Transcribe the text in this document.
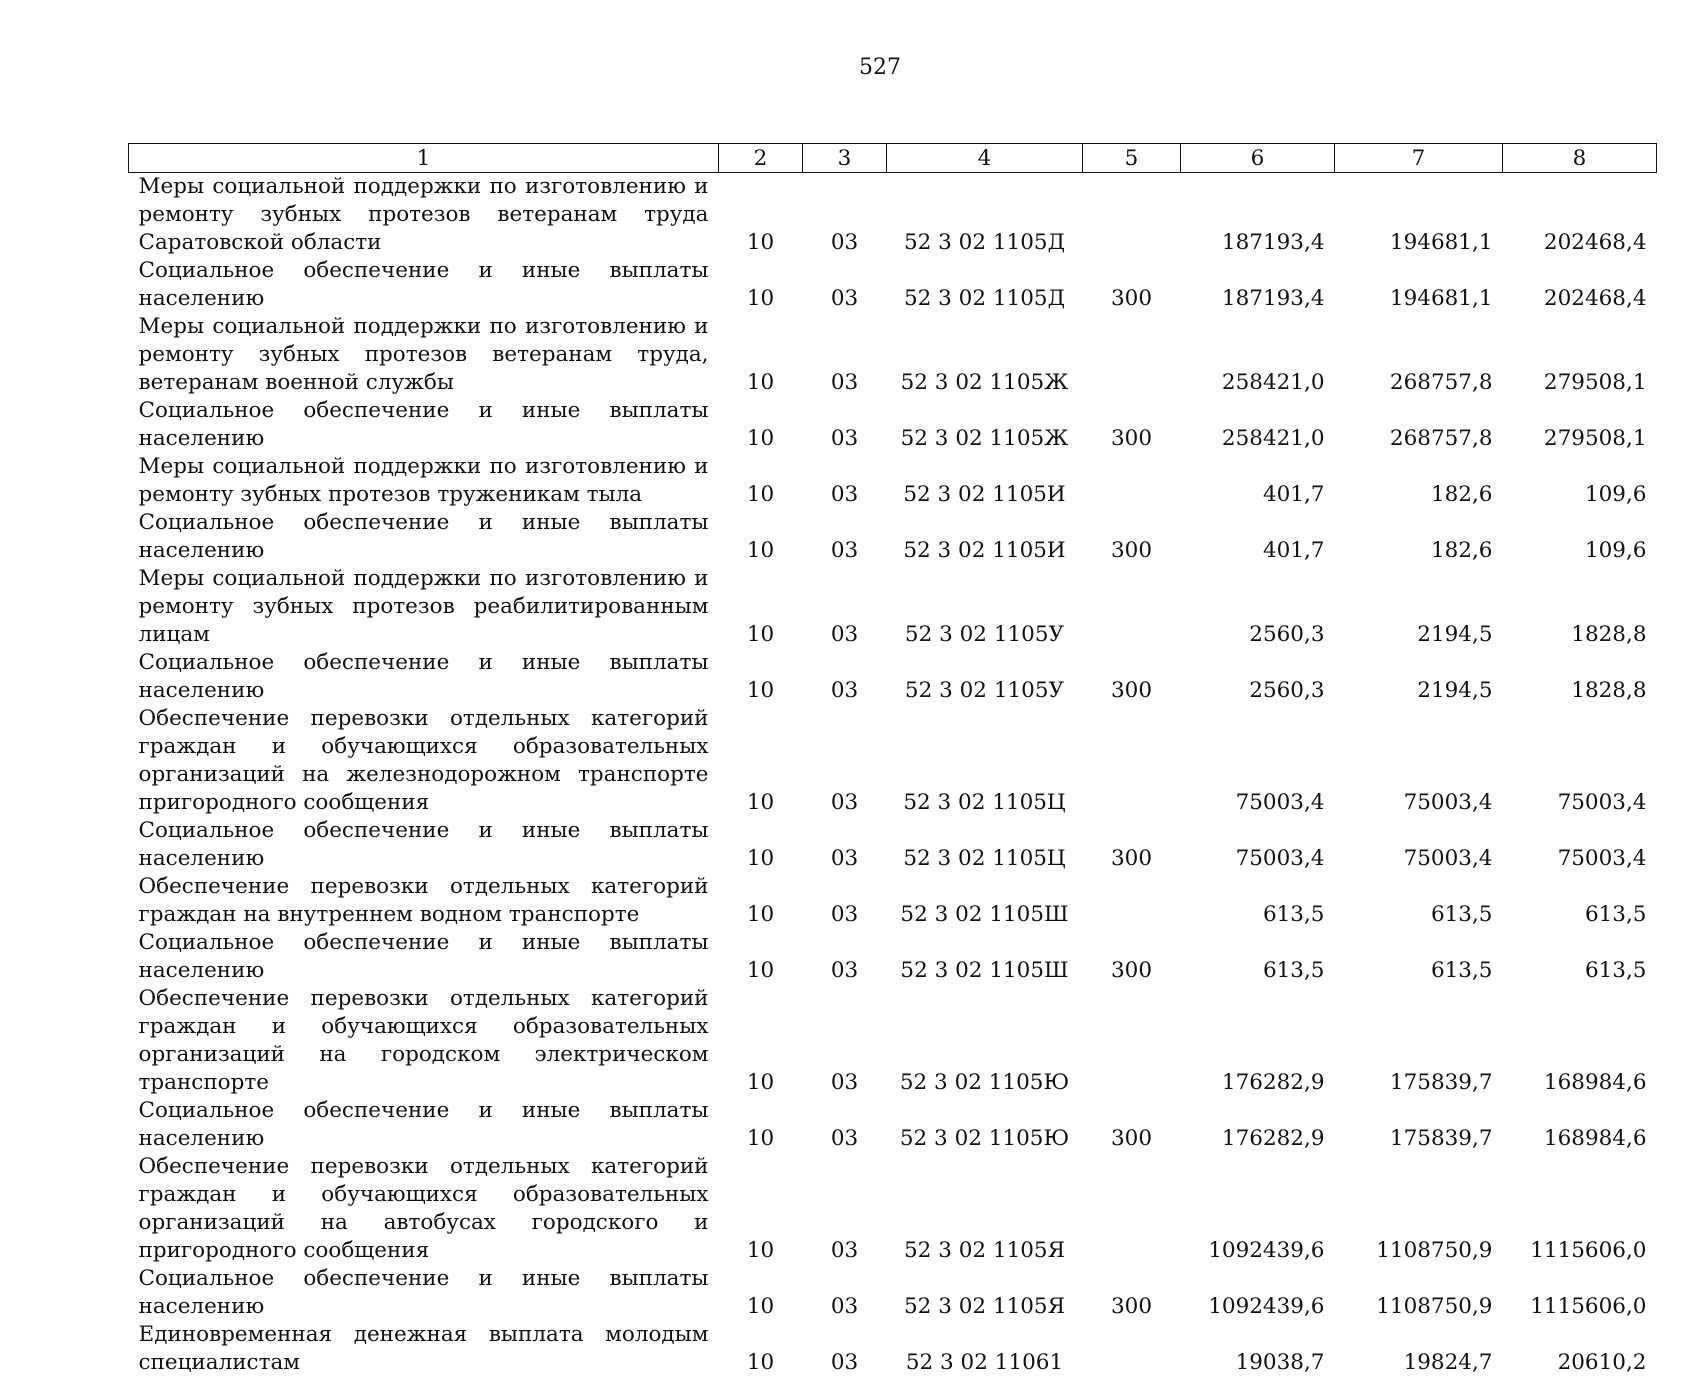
527
1	2	3	4	5	6	7	8
Меры социальной поддержки по изготовлению и ремонту зубных протезов ветеранам труда Саратовской области	10	03	52 3 02 1105Д		187193,4	194681,1	202468,4
Социальное обеспечение и иные выплаты населению	10	03	52 3 02 1105Д	300	187193,4	194681,1	202468,4
Меры социальной поддержки по изготовлению и ремонту зубных протезов ветеранам труда, ветеранам военной службы	10	03	52 3 02 1105Ж		258421,0	268757,8	279508,1
Социальное обеспечение и иные выплаты населению	10	03	52 3 02 1105Ж	300	258421,0	268757,8	279508,1
Меры социальной поддержки по изготовлению и ремонту зубных протезов труженикам тыла	10	03	52 3 02 1105И		401,7	182,6	109,6
Социальное обеспечение и иные выплаты населению	10	03	52 3 02 1105И	300	401,7	182,6	109,6
Меры социальной поддержки по изготовлению и ремонту зубных протезов реабилитированным лицам	10	03	52 3 02 1105У		2560,3	2194,5	1828,8
Социальное обеспечение и иные выплаты населению	10	03	52 3 02 1105У	300	2560,3	2194,5	1828,8
Обеспечение перевозки отдельных категорий граждан и обучающихся образовательных организаций на железнодорожном транспорте пригородного сообщения	10	03	52 3 02 1105Ц		75003,4	75003,4	75003,4
Социальное обеспечение и иные выплаты населению	10	03	52 3 02 1105Ц	300	75003,4	75003,4	75003,4
Обеспечение перевозки отдельных категорий граждан на внутреннем водном транспорте	10	03	52 3 02 1105Ш		613,5	613,5	613,5
Социальное обеспечение и иные выплаты населению	10	03	52 3 02 1105Ш	300	613,5	613,5	613,5
Обеспечение перевозки отдельных категорий граждан и обучающихся образовательных организаций на городском электрическом транспорте	10	03	52 3 02 1105Ю		176282,9	175839,7	168984,6
Социальное обеспечение и иные выплаты населению	10	03	52 3 02 1105Ю	300	176282,9	175839,7	168984,6
Обеспечение перевозки отдельных категорий граждан и обучающихся образовательных организаций на автобусах городского и пригородного сообщения	10	03	52 3 02 1105Я		1092439,6	1108750,9	1115606,0
Социальное обеспечение и иные выплаты населению	10	03	52 3 02 1105Я	300	1092439,6	1108750,9	1115606,0
Единовременная денежная выплата молодым специалистам	10	03	52 3 02 11061		19038,7	19824,7	20610,2
